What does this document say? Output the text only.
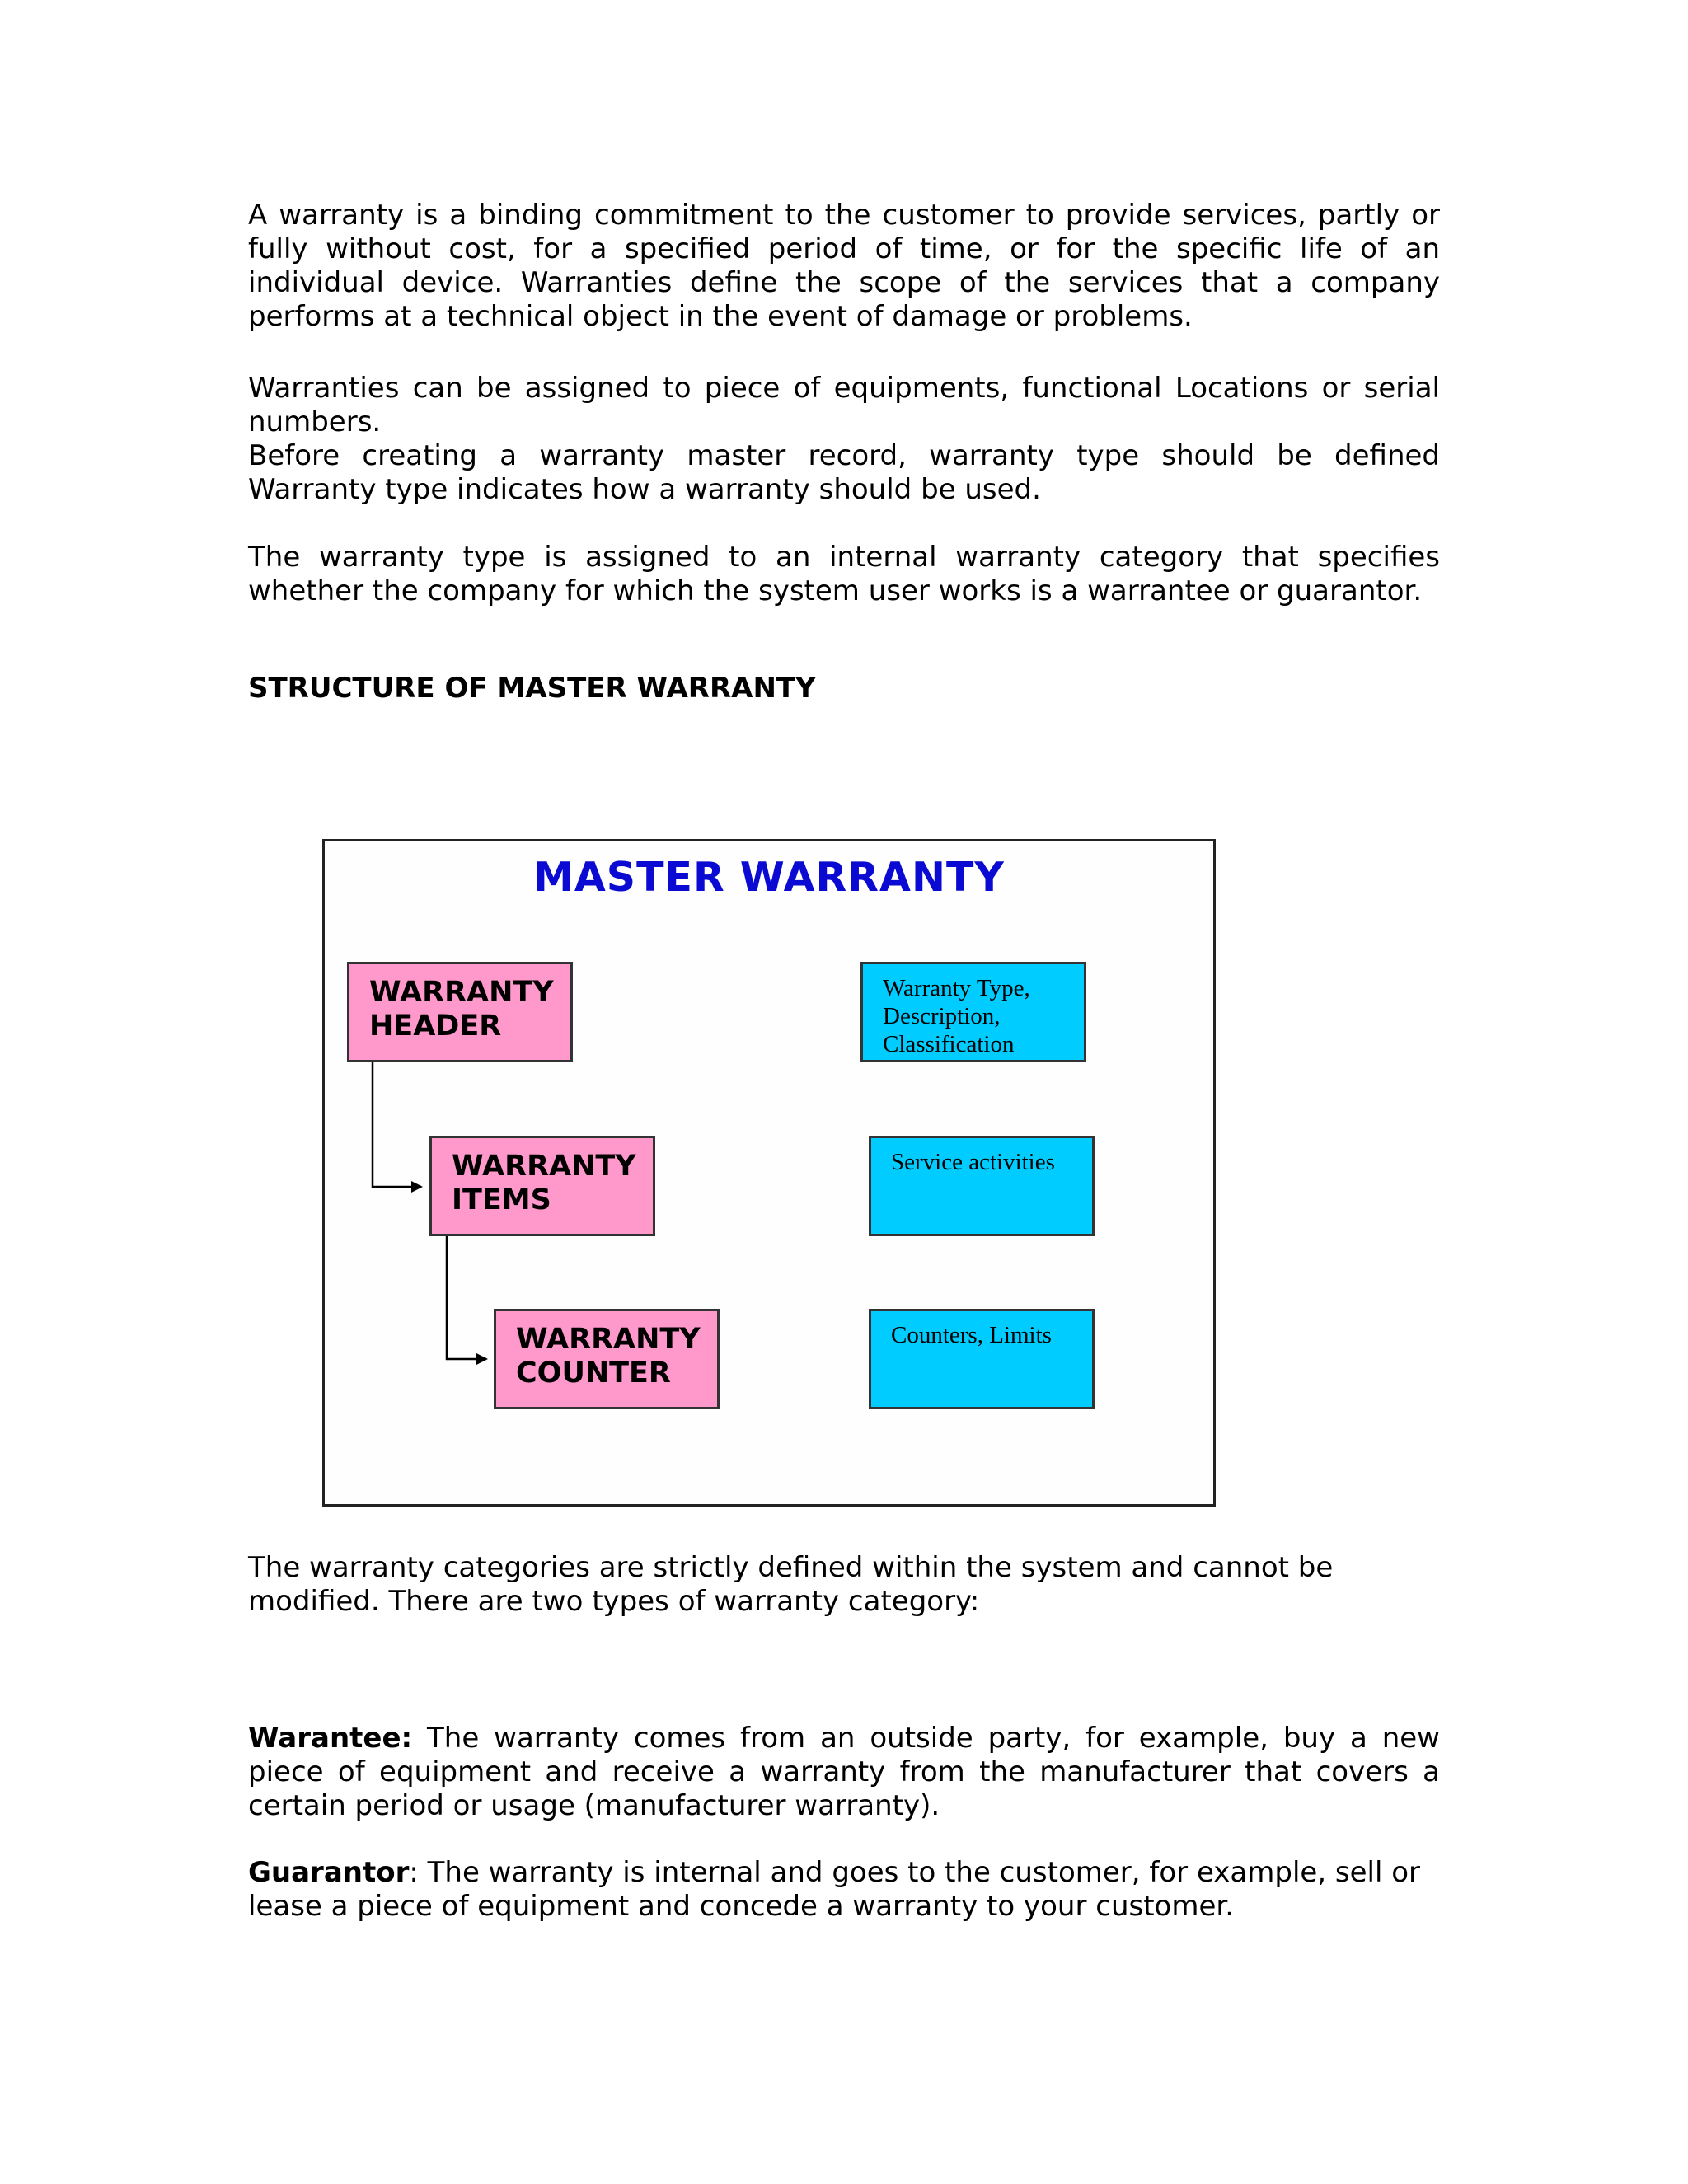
A warranty is a binding commitment to the customer to provide services, partly or fully without cost, for a specified period of time, or for the specific life of an individual device. Warranties define the scope of the services that a company performs at a technical object in the event of damage or problems.

Warranties can be assigned to piece of equipments, functional Locations or serial numbers.

Before creating a warranty master record, warranty type should be defined Warranty type indicates how a warranty should be used.

The warranty type is assigned to an internal warranty category that specifies whether the company for which the system user works is a warrantee or guarantor.

STRUCTURE OF MASTER WARRANTY

MASTER WARRANTY
WARRANTY HEADER
WARRANTY ITEMS
WARRANTY COUNTER
Warranty Type,
Description,
Classification
Service activities
Counters, Limits

The warranty categories are strictly defined within the system and cannot be modified. There are two types of warranty category:

Warantee: The warranty comes from an outside party, for example, buy a new piece of equipment and receive a warranty from the manufacturer that covers a certain period or usage (manufacturer warranty).

Guarantor: The warranty is internal and goes to the customer, for example, sell or lease a piece of equipment and concede a warranty to your customer.
